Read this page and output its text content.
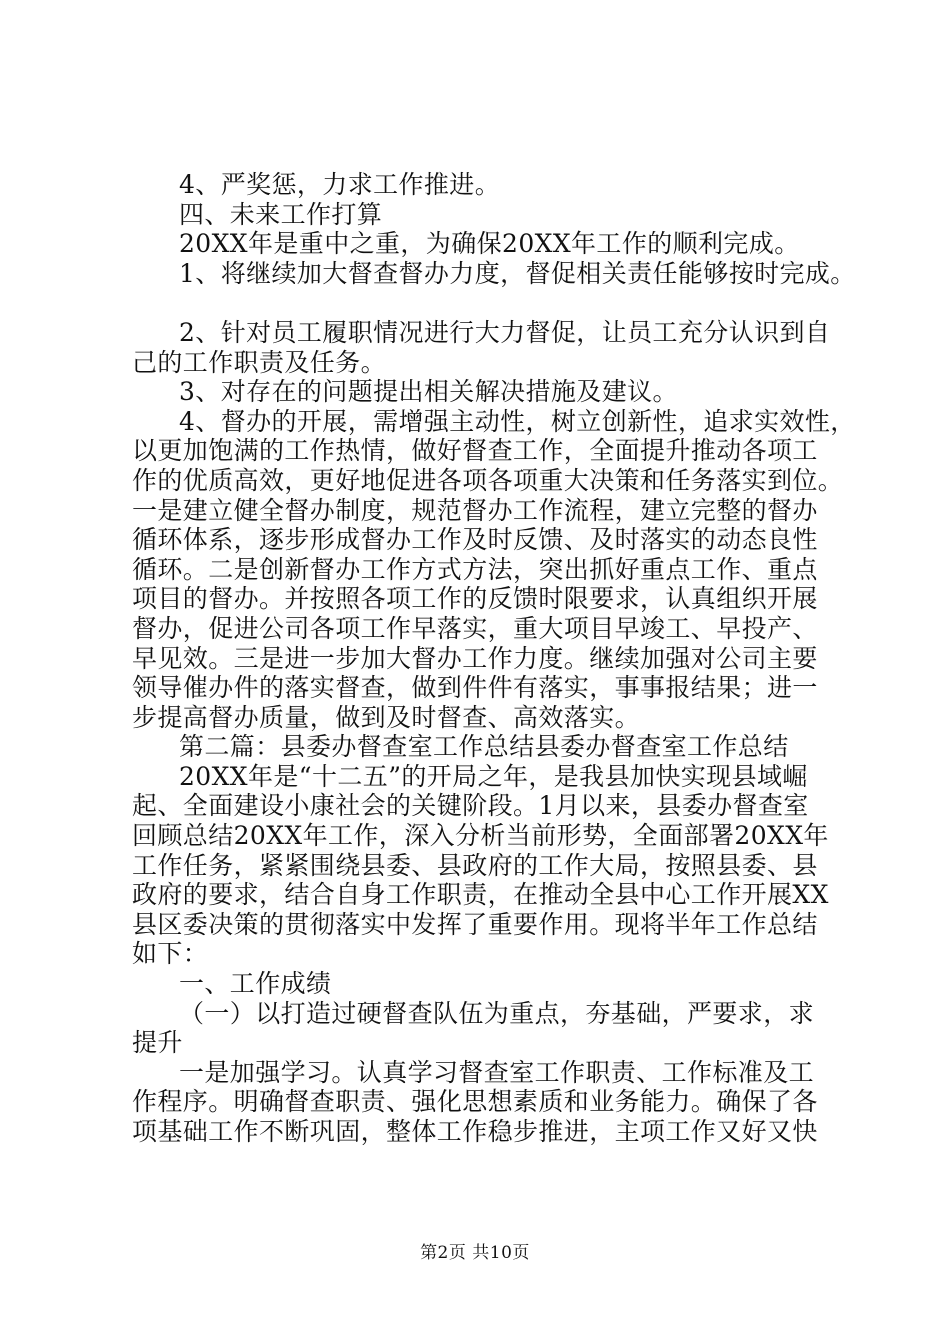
4、严奖惩，力求工作推进。
四、未来工作打算
20XX年是重中之重，为确保20XX年工作的顺利完成。
1、将继续加大督查督办力度，督促相关责任能够按时完成。
2、针对员工履职情况进行大力督促，让员工充分认识到自
己的工作职责及任务。
3、对存在的问题提出相关解决措施及建议。
4、督办的开展，需增强主动性，树立创新性，追求实效性，
以更加饱满的工作热情，做好督查工作，全面提升推动各项工
作的优质高效，更好地促进各项各项重大决策和任务落实到位。
一是建立健全督办制度，规范督办工作流程，建立完整的督办
循环体系，逐步形成督办工作及时反馈、及时落实的动态良性
循环。二是创新督办工作方式方法，突出抓好重点工作、重点
项目的督办。并按照各项工作的反馈时限要求，认真组织开展
督办，促进公司各项工作早落实，重大项目早竣工、早投产、
早见效。三是进一步加大督办工作力度。继续加强对公司主要
领导催办件的落实督查，做到件件有落实，事事报结果；进一
步提高督办质量，做到及时督查、高效落实。
第二篇：县委办督查室工作总结县委办督查室工作总结
20XX年是“十二五”的开局之年，是我县加快实现县域崛
起、全面建设小康社会的关键阶段。1月以来，县委办督查室
回顾总结20XX年工作，深入分析当前形势，全面部署20XX年
工作任务，紧紧围绕县委、县政府的工作大局，按照县委、县
政府的要求，结合自身工作职责，在推动全县中心工作开展XX
县区委决策的贯彻落实中发挥了重要作用。现将半年工作总结
如下：
一、工作成绩
（一）以打造过硬督查队伍为重点，夯基础，严要求，求
提升
一是加强学习。认真学习督查室工作职责、工作标准及工
作程序。明确督查职责、强化思想素质和业务能力。确保了各
项基础工作不断巩固，整体工作稳步推进，主项工作又好又快
第2页 共10页
